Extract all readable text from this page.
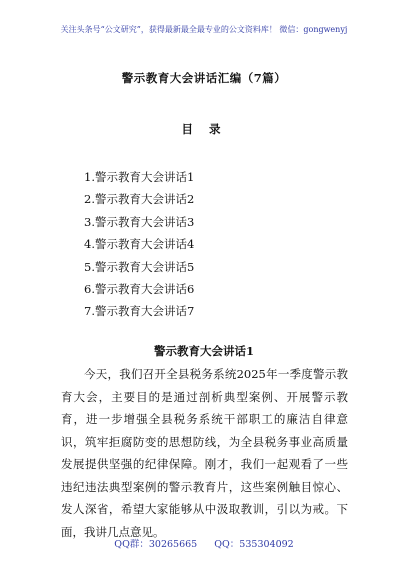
关注头条号“公文研究”，获得最新最全最专业的公文资料库！ 微信：gongwenyj
警示教育大会讲话汇编（7篇）
目 录
1.警示教育大会讲话1
2.警示教育大会讲话2
3.警示教育大会讲话3
4.警示教育大会讲话4
5.警示教育大会讲话5
6.警示教育大会讲话6
7.警示教育大会讲话7
警示教育大会讲话1

今天，我们召开全县税务系统2025年一季度警示教育大会，主要目的是通过剖析典型案例、开展警示教育，进一步增强全县税务系统干部职工的廉洁自律意识，筑牢拒腐防变的思想防线，为全县税务事业高质量发展提供坚强的纪律保障。刚才，我们一起观看了一些违纪违法典型案例的警示教育片，这些案例触目惊心、发人深省，希望大家能够从中汲取教训，引以为戒。下面，我讲几点意见。

QQ群：30265665 QQ：535304092
